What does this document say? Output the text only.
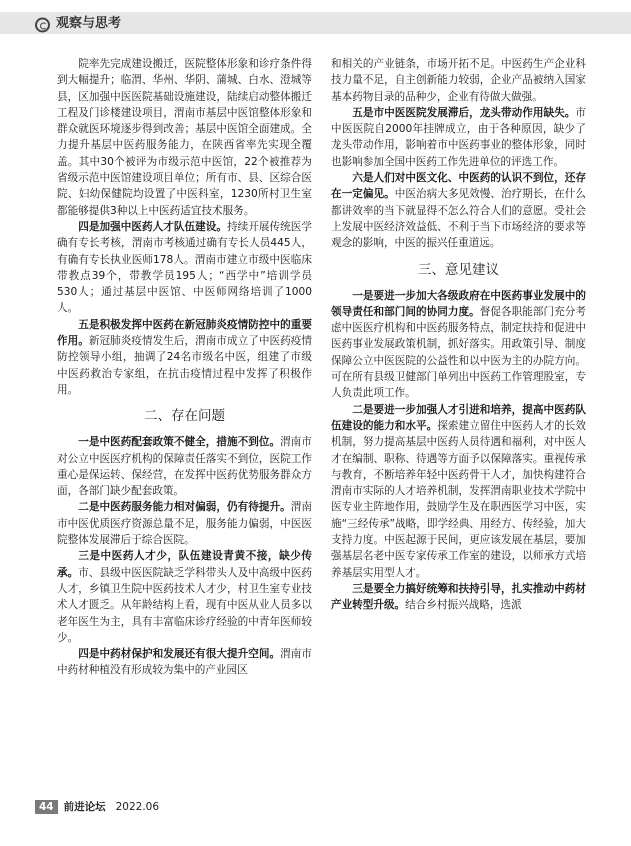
观察与思考

院率先完成建设搬迁，医院整体形象和诊疗条件得到大幅提升；临渭、华州、华阴、蒲城、白水、澄城等县，区加强中医医院基础设施建设，陆续启动整体搬迁工程及门诊楼建设项目，渭南市基层中医馆整体形象和群众就医环境逐步得到改善；基层中医馆全面建成。全力提升基层中医药服务能力，在陕西省率先实现全覆盖。其中30个被评为市级示范中医馆，22个被推荐为省级示范中医馆建设项目单位；所有市、县、区综合医院、妇幼保健院均设置了中医科室，1230所村卫生室都能够提供3种以上中医药适宜技术服务。

四是加强中医药人才队伍建设。持续开展传统医学确有专长考核，渭南市考核通过确有专长人员445人，有确有专长执业医师178人。渭南市建立市级中医临床带教点39个，带教学员195人；“西学中”培训学员530人；通过基层中医馆、中医师网络培训了1000人。

五是积极发挥中医药在新冠肺炎疫情防控中的重要作用。新冠肺炎疫情发生后，渭南市成立了中医药疫情防控领导小组，抽调了24名市级名中医，组建了市级中医药救治专家组，在抗击疫情过程中发挥了积极作用。

二、存在问题

一是中医药配套政策不健全，措施不到位。渭南市对公立中医医疗机构的保障责任落实不到位，医院工作重心是保运转、保经营，在发挥中医药优势服务群众方面，各部门缺少配套政策。

二是中医药服务能力相对偏弱，仍有待提升。渭南市中医优质医疗资源总量不足，服务能力偏弱，中医医院整体发展滞后于综合医院。

三是中医药人才少，队伍建设青黄不接，缺少传承。市、县级中医医院缺乏学科带头人及中高级中医药人才，乡镇卫生院中医药技术人才少，村卫生室专业技术人才匮乏。从年龄结构上看，现有中医从业人员多以老年医生为主，具有丰富临床诊疗经验的中青年医师较少。

四是中药材保护和发展还有很大提升空间。渭南市中药材种植没有形成较为集中的产业园区

和相关的产业链条，市场开拓不足。中医药生产企业科技力量不足，自主创新能力较弱，企业产品被纳入国家基本药物目录的品种少，企业有待做大做强。

五是市中医医院发展滞后，龙头带动作用缺失。市中医医院自2000年挂牌成立，由于各种原因，缺少了龙头带动作用，影响着市中医药事业的整体形象，同时也影响参加全国中医药工作先进单位的评选工作。

六是人们对中医文化、中医药的认识不到位，还存在一定偏见。中医治病大多见效慢、治疗期长，在什么都讲效率的当下就显得不怎么符合人们的意愿。受社会上发展中医经济效益低、不利于当下市场经济的要求等观念的影响，中医的振兴任重道远。

三、意见建议

一是要进一步加大各级政府在中医药事业发展中的领导责任和部门间的协同力度。督促各职能部门充分考虑中医医疗机构和中医药服务特点，制定扶持和促进中医药事业发展政策机制，抓好落实。用政策引导、制度保障公立中医医院的公益性和以中医为主的办院方向。可在所有县级卫健部门单列出中医药工作管理股室，专人负责此项工作。

二是要进一步加强人才引进和培养，提高中医药队伍建设的能力和水平。探索建立留住中医药人才的长效机制，努力提高基层中医药人员待遇和福利，对中医人才在编制、职称、待遇等方面予以保障落实。重视传承与教育，不断培养年轻中医药骨干人才，加快构建符合渭南市实际的人才培养机制，发挥渭南职业技术学院中医专业主阵地作用，鼓励学生及在职西医学习中医，实施“三经传承”战略，即学经典、用经方、传经验，加大支持力度。中医起源于民间，更应该发展在基层，要加强基层名老中医专家传承工作室的建设，以师承方式培养基层实用型人才。

三是要全力搞好统筹和扶持引导，扎实推动中药材产业转型升级。结合乡村振兴战略，选派

44 前进论坛 2022.06
